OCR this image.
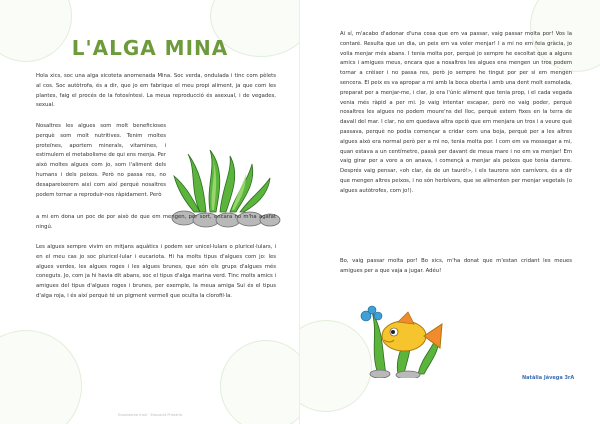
L'ALGA MINA
Hola xics, soc una alga xicoteta anomenada Mina. Soc verda, ondulada i tinc com pèlets al cos. Soc autòtrofa, és a dir, que jo em fabrique el meu propi aliment, ja que com les plantes, faig el procés de la fotosíntesi. La meua reproducció és asexual, i de vegades, sexual.
Nosaltres les algues som molt beneficioses perquè som molt nutritives. Tenim moltes proteïnes, aportem minerals, vitamines, i estimulem el metabolisme de qui ens menja. Per això moltes algues com jo, som l'aliment dels humans i dels peixos. Però no passa res, no desapareixerem així com així perquè nosaltres podem tornar a reproduir-nos ràpidament. Però
a mi em dona un poc de por això de que em mengen, per sort, encara no m'ha agafat ningú.
Les algues sempre vivim en mitjans aquàtics i podem ser unicel·lulars o pluricel·lulars, i en el meu cas jo soc pluricel·lular i eucariota. Hi ha molts tipus d'algues com jo: les algues verdes, les algues roges i les algues brunes, que són els grups d'algues més coneguts. Jo, com ja hi havia dit abans, soc el tipus d'alga marina verd. Tinc molts amics i amigues del tipus d'algues roges i brunes, per exemple, la meua amiga Sui és el tipus d'alga roja, i és així perquè té un pigment vermell que oculta la clorofil·la.
Ecosistema marí · Educació Primària
Ai sí, m'acabo d'adonar d'una cosa que em va passar, vaig passar molta por! Vos la contaré. Resulta que un dia, un peix em va voler menjar! I a mi no em feia gràcia, jo volia menjar més abans. I tenia molta por, perquè jo sempre he escoltat que a alguns amics i amigues meus, encara que a nosaltres les algues ens mengen un tros podem tornar a créixer i no passa res, però jo sempre he tingut por per si em mengen sencera. El peix es va apropar a mi amb la boca oberta i amb una dent molt esmolada, preparat per a menjar-me, i clar, jo era l'únic aliment que tenia prop, i el cada vegada venia més ràpid a per mi. Jo vaig intentar escapar, però no vaig poder, perquè nosaltres les algues no podem moure'ns del lloc, perquè estem fixes en la terra de davall del mar. I clar, no em quedava altra opció que em menjara un tros i a veure què passava, perquè no podia començar a cridar com una boja, perquè per a les altres algues això era normal però per a mi no, tenia molta por. I com em va mossegar a mi, quan estava a un centímetre, passà per davant de meua mare i no em va menjar! Em vaig girar per a vore a on anava, i començà a menjar als peixos que tenia darrere. Després vaig pensar, «oh clar, és de un tauró!», i els taurons són carnívors, és a dir que mengen altres peixos, i no són herbívors, que se alimenten per menjar vegetals (o algues autòtrofes, com jo!).
Bo, vaig passar molta por! Bo xics, m'ha donat que m'estan cridant les meues amigues per a que vaja a jugar. Adéu!
Natàlia Jàvega 3rA
